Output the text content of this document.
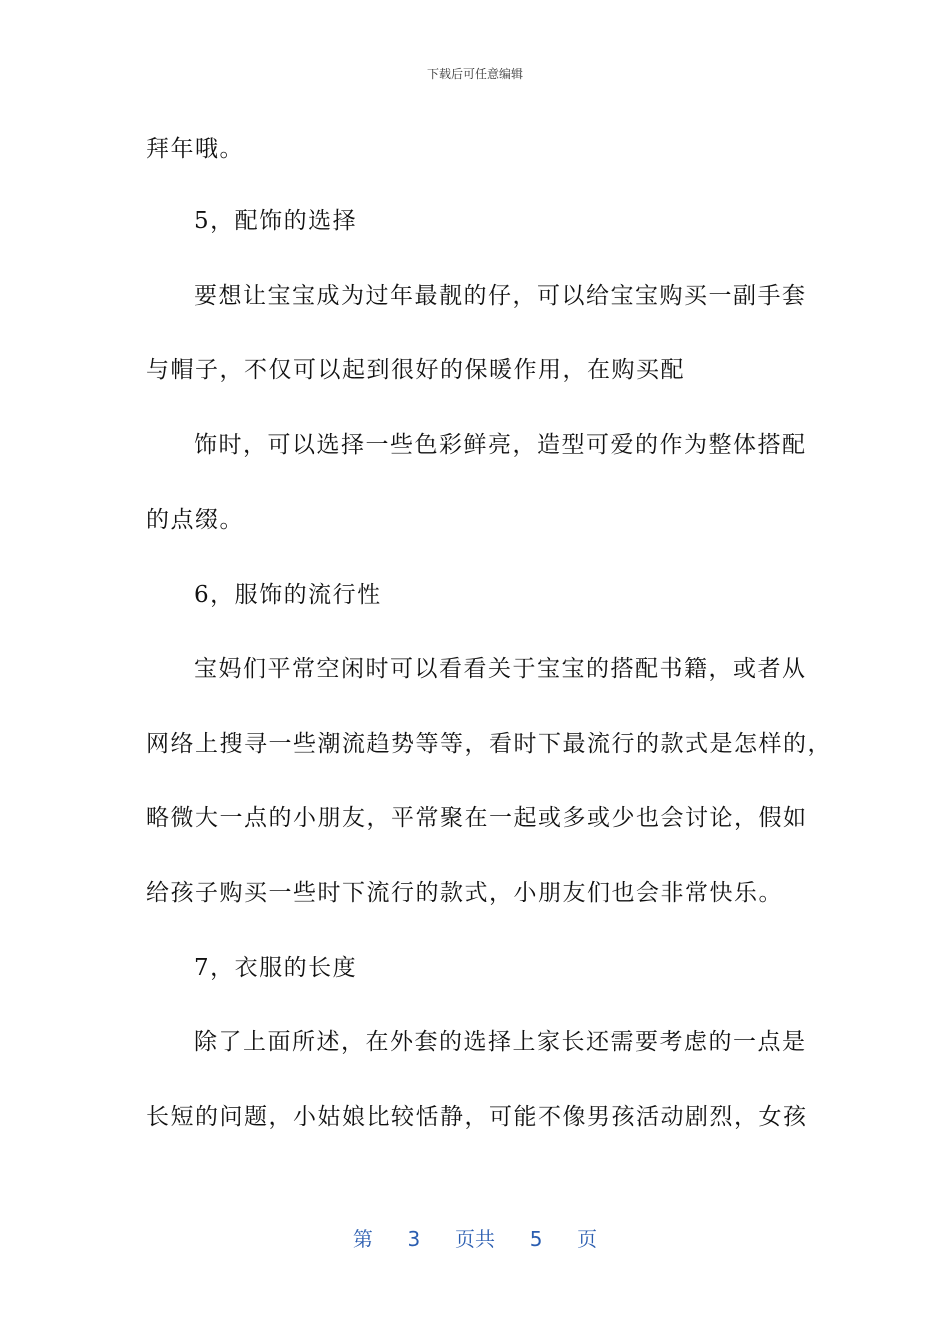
下载后可任意编辑
拜年哦。
5，配饰的选择
要想让宝宝成为过年最靓的仔，可以给宝宝购买一副手套
与帽子，不仅可以起到很好的保暖作用，在购买配
饰时，可以选择一些色彩鲜亮，造型可爱的作为整体搭配
的点缀。
6，服饰的流行性
宝妈们平常空闲时可以看看关于宝宝的搭配书籍，或者从
网络上搜寻一些潮流趋势等等，看时下最流行的款式是怎样的，
略微大一点的小朋友，平常聚在一起或多或少也会讨论，假如
给孩子购买一些时下流行的款式，小朋友们也会非常快乐。
7，衣服的长度
除了上面所述，在外套的选择上家长还需要考虑的一点是
长短的问题，小姑娘比较恬静，可能不像男孩活动剧烈，女孩
第 3 页共 5 页
